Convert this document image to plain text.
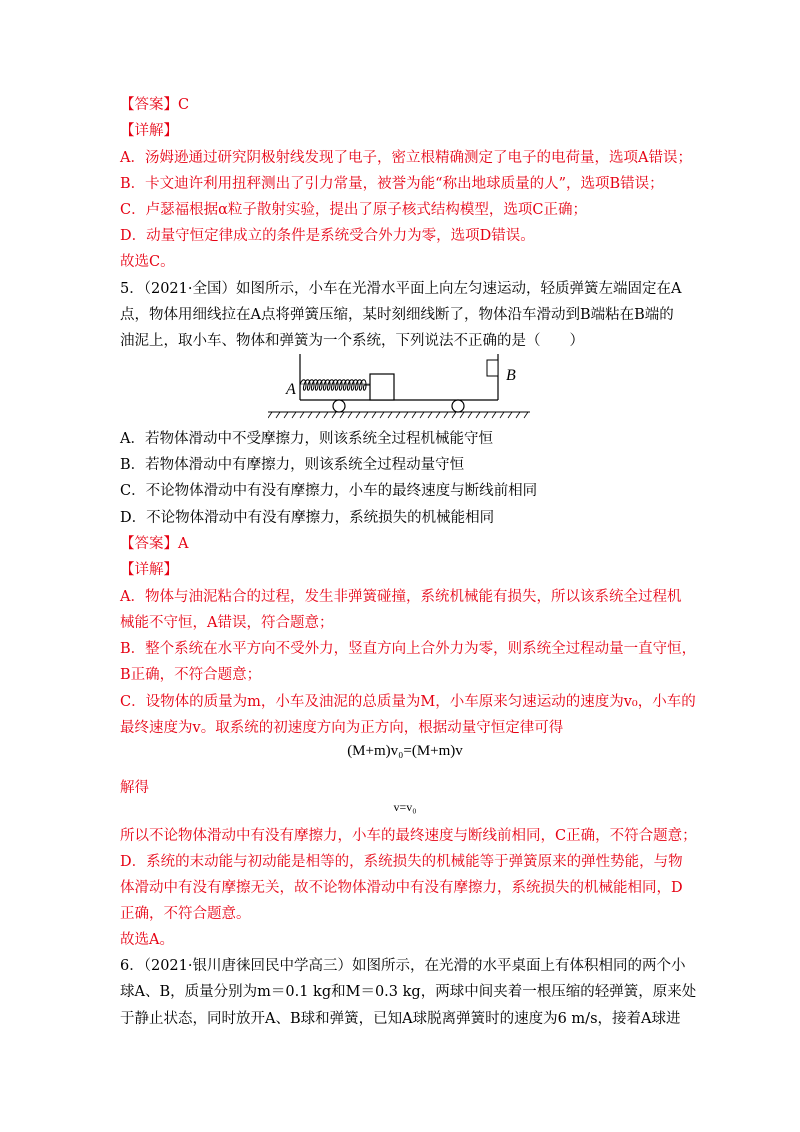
【答案】C
【详解】
A．汤姆逊通过研究阴极射线发现了电子，密立根精确测定了电子的电荷量，选项A错误；
B．卡文迪许利用扭秤测出了引力常量，被誉为能“称出地球质量的人”，选项B错误；
C．卢瑟福根据α粒子散射实验，提出了原子核式结构模型，选项C正确；
D．动量守恒定律成立的条件是系统受合外力为零，选项D错误。
故选C。
5．（2021·全国）如图所示，小车在光滑水平面上向左匀速运动，轻质弹簧左端固定在A
点，物体用细线拉在A点将弹簧压缩，某时刻细线断了，物体沿车滑动到B端粘在B端的
油泥上，取小车、物体和弹簧为一个系统，下列说法不正确的是（　　）
A
B
A．若物体滑动中不受摩擦力，则该系统全过程机械能守恒
B．若物体滑动中有摩擦力，则该系统全过程动量守恒
C．不论物体滑动中有没有摩擦力，小车的最终速度与断线前相同
D．不论物体滑动中有没有摩擦力，系统损失的机械能相同
【答案】A
【详解】
A．物体与油泥粘合的过程，发生非弹簧碰撞，系统机械能有损失，所以该系统全过程机
械能不守恒，A错误，符合题意；
B．整个系统在水平方向不受外力，竖直方向上合外力为零，则系统全过程动量一直守恒，
B正确，不符合题意；
C．设物体的质量为m，小车及油泥的总质量为M，小车原来匀速运动的速度为v₀，小车的
最终速度为v。取系统的初速度方向为正方向，根据动量守恒定律可得
(M+m)v₀=(M+m)v
解得
v=v₀
所以不论物体滑动中有没有摩擦力，小车的最终速度与断线前相同，C正确，不符合题意；
D．系统的末动能与初动能是相等的，系统损失的机械能等于弹簧原来的弹性势能，与物
体滑动中有没有摩擦无关，故不论物体滑动中有没有摩擦力，系统损失的机械能相同，D
正确，不符合题意。
故选A。
6．（2021·银川唐徕回民中学高三）如图所示，在光滑的水平桌面上有体积相同的两个小
球A、B，质量分别为m＝0.1 kg和M＝0.3 kg，两球中间夹着一根压缩的轻弹簧，原来处
于静止状态，同时放开A、B球和弹簧，已知A球脱离弹簧时的速度为6 m/s，接着A球进
